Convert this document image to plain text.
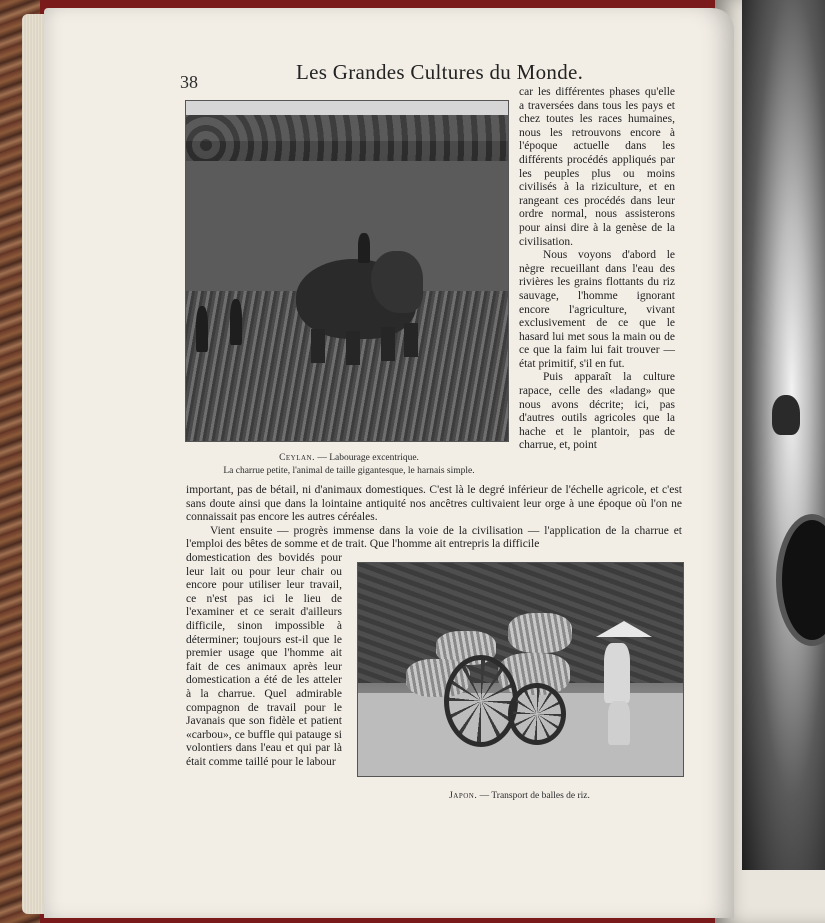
38	Les Grandes Cultures du Monde.
Ceylan. — Labourage excentrique.
La charrue petite, l'animal de taille gigantesque, le harnais simple.

car les différentes phases qu'elle a traversées dans tous les pays et chez toutes les races humaines, nous les retrouvons encore à l'époque actuelle dans les différents procédés appliqués par les peuples plus ou moins civilisés à la riziculture, et en rangeant ces procédés dans leur ordre normal, nous assisterons pour ainsi dire à la genèse de la civilisation.

Nous voyons d'abord le nègre recueillant dans l'eau des rivières les grains flottants du riz sauvage, l'homme ignorant encore l'agriculture, vivant exclusivement de ce que le hasard lui met sous la main ou de ce que la faim lui fait trouver — état primitif, s'il en fut.

Puis apparaît la culture rapace, celle des «ladang» que nous avons décrite; ici, pas d'autres outils agricoles que la hache et le plantoir, pas de charrue, et, point

important, pas de bétail, ni d'animaux domestiques. C'est là le degré inférieur de l'échelle agricole, et c'est sans doute ainsi que dans la lointaine antiquité nos ancêtres cultivaient leur orge à une époque où l'on ne connaissait pas encore les autres céréales.

Vient ensuite — progrès immense dans la voie de la civilisation — l'application de la charrue et l'emploi des bêtes de somme et de trait. Que l'homme ait entrepris la difficile

domestication des bovidés pour leur lait ou pour leur chair ou encore pour utiliser leur travail, ce n'est pas ici le lieu de l'examiner et ce serait d'ailleurs difficile, sinon impossible à déterminer; toujours est-il que le premier usage que l'homme ait fait de ces animaux après leur domestication a été de les atteler à la charrue. Quel admirable compagnon de travail pour le Javanais que son fidèle et patient «carbou», ce buffle qui patauge si volontiers dans l'eau et qui par là était comme taillé pour le labour

Japon. — Transport de balles de riz.
